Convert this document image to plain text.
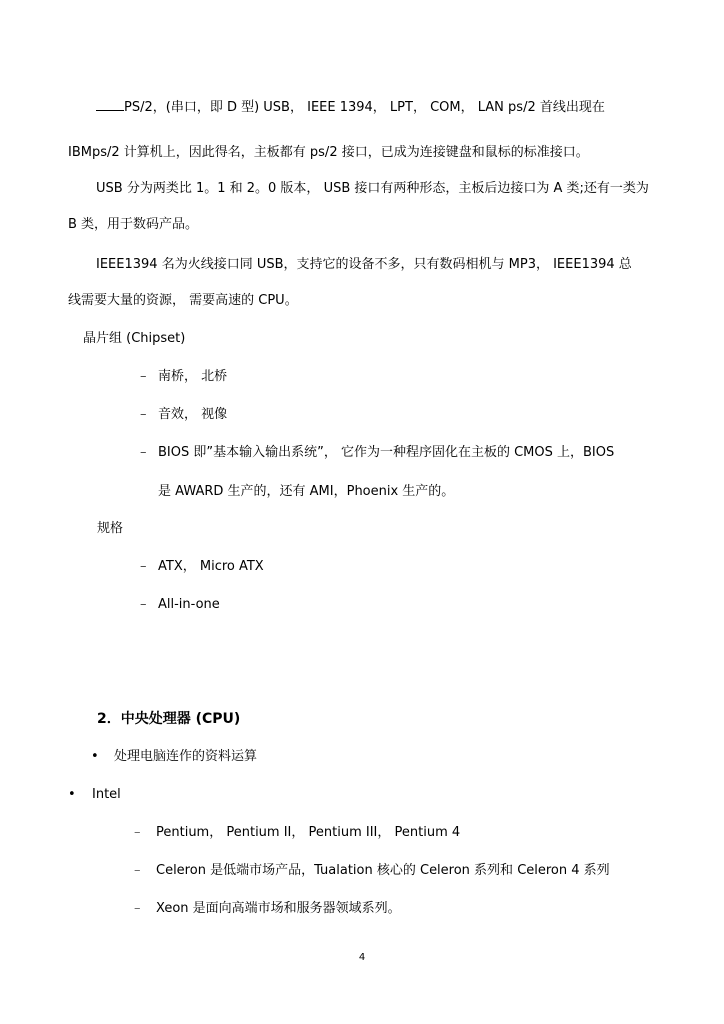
PS/2，(串口，即 D 型) USB， IEEE 1394， LPT， COM， LAN ps/2 首线出现在
IBMps/2 计算机上，因此得名，主板都有 ps/2 接口，已成为连接键盘和鼠标的标准接口。
USB 分为两类比 1。1 和 2。0 版本， USB 接口有两种形态，主板后边接口为 A 类;还有一类为
B 类，用于数码产品。
IEEE1394 名为火线接口同 USB，支持它的设备不多，只有数码相机与 MP3， IEEE1394 总
线需要大量的资源， 需要高速的 CPU。
晶片组 (Chipset)
– 南桥， 北桥
– 音效， 视像
– BIOS 即”基本输入输出系统”， 它作为一种程序固化在主板的 CMOS 上，BIOS
是 AWARD 生产的，还有 AMI，Phoenix 生产的。
规格
– ATX， Micro ATX
– All-in-one
2．中央处理器 (CPU)
• 处理电脑连作的资料运算
• Intel
– Pentium， Pentium II， Pentium III， Pentium 4
– Celeron 是低端市场产品，Tualation 核心的 Celeron 系列和 Celeron 4 系列
– Xeon 是面向高端市场和服务器领域系列。
4
